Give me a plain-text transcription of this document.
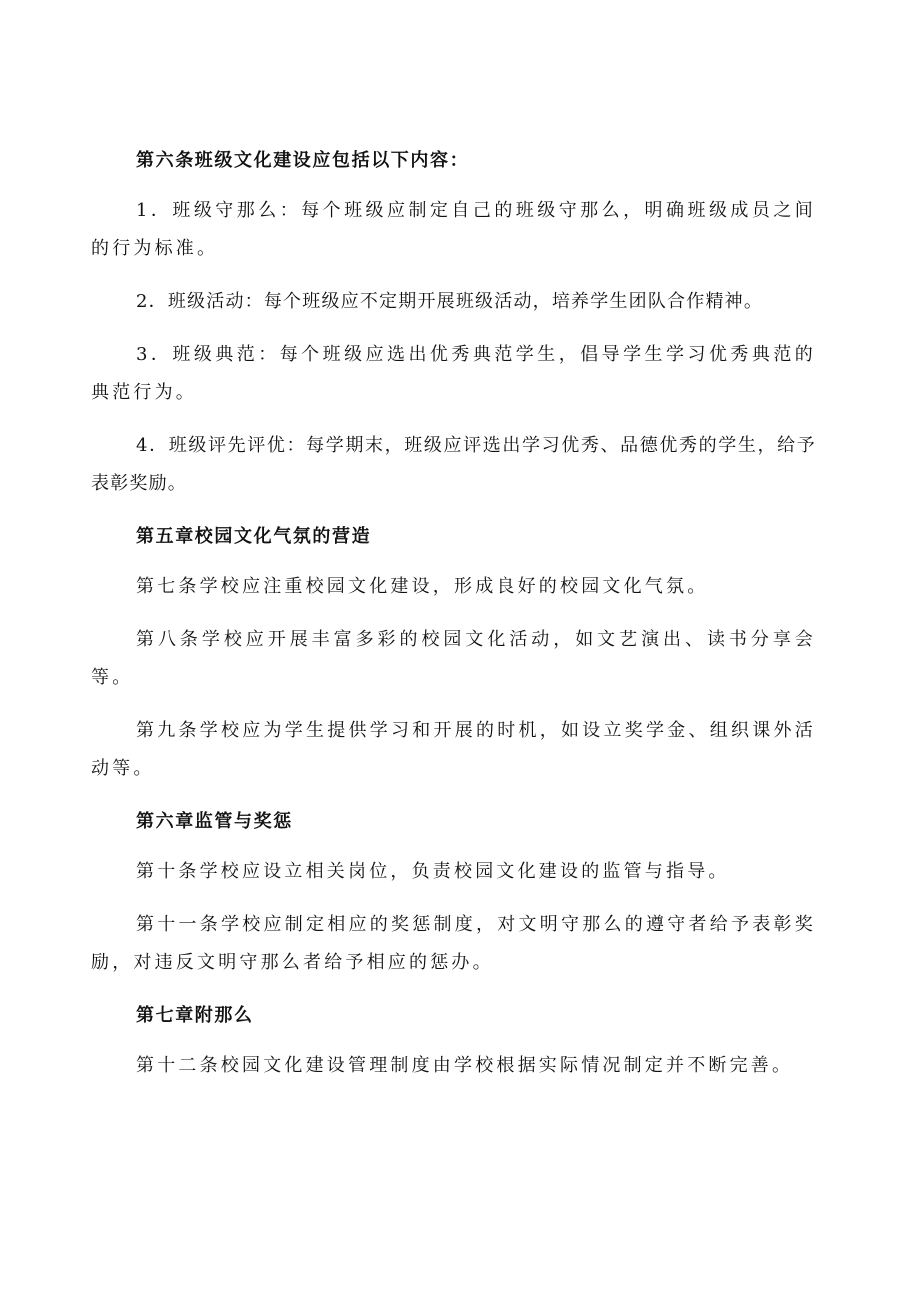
第六条班级文化建设应包括以下内容：

1．班级守那么：每个班级应制定自己的班级守那么，明确班级成员之间的行为标准。

2．班级活动：每个班级应不定期开展班级活动，培养学生团队合作精神。

3．班级典范：每个班级应选出优秀典范学生，倡导学生学习优秀典范的典范行为。

4．班级评先评优：每学期末，班级应评选出学习优秀、品德优秀的学生，给予表彰奖励。

第五章校园文化气氛的营造

第七条学校应注重校园文化建设，形成良好的校园文化气氛。

第八条学校应开展丰富多彩的校园文化活动，如文艺演出、读书分享会等。

第九条学校应为学生提供学习和开展的时机，如设立奖学金、组织课外活动等。

第六章监管与奖惩

第十条学校应设立相关岗位，负责校园文化建设的监管与指导。

第十一条学校应制定相应的奖惩制度，对文明守那么的遵守者给予表彰奖励，对违反文明守那么者给予相应的惩办。

第七章附那么

第十二条校园文化建设管理制度由学校根据实际情况制定并不断完善。
